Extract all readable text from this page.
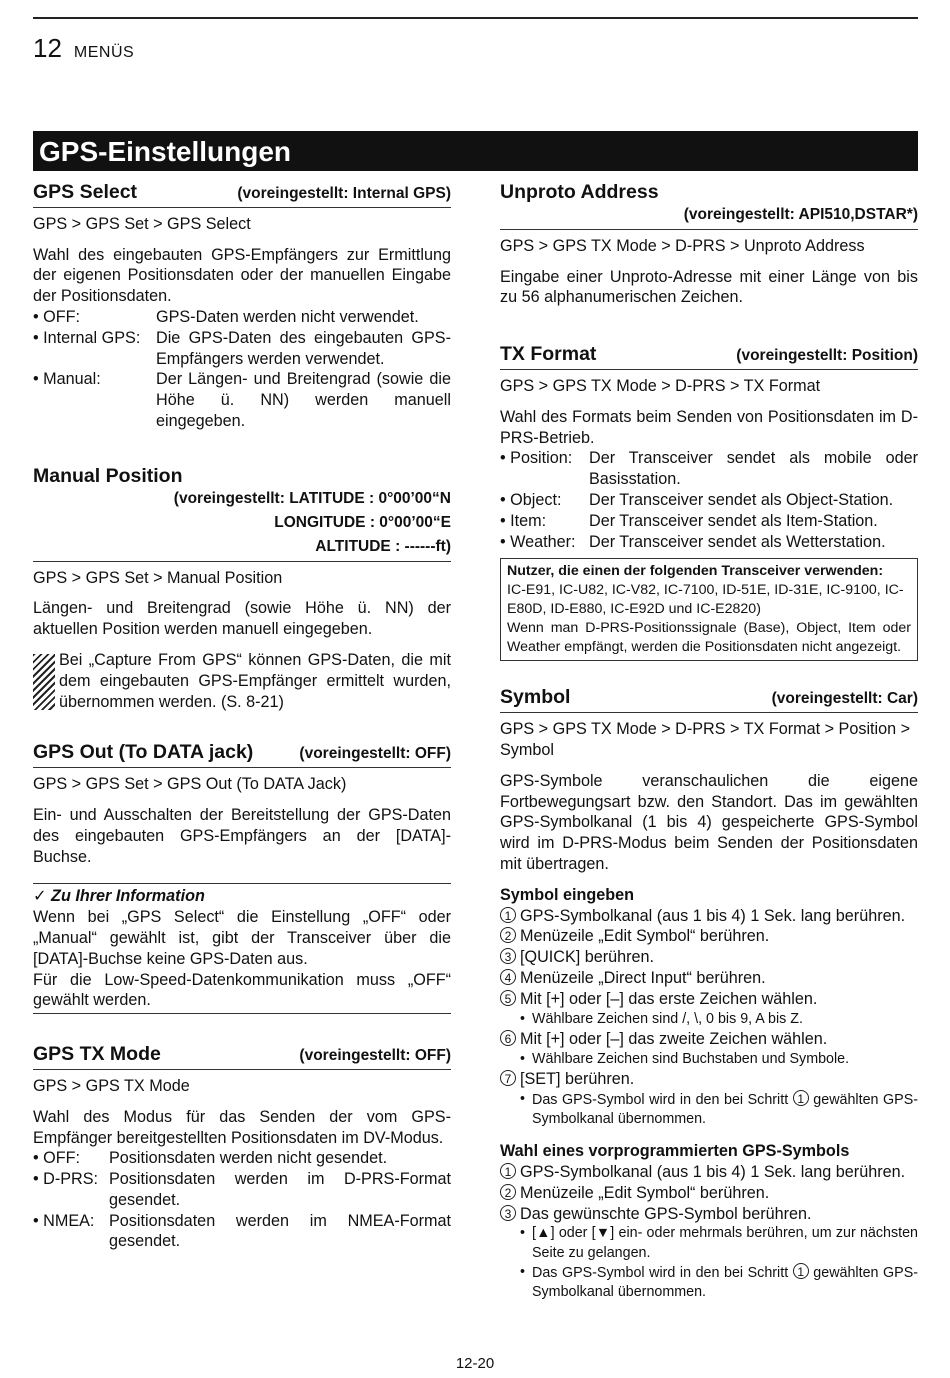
12 MENÜS
GPS-Einstellungen
GPS Select	(voreingestellt: Internal GPS)
GPS > GPS Set > GPS Select

Wahl des eingebauten GPS-Empfängers zur Ermittlung der eigenen Positionsdaten oder der manuellen Eingabe der Positionsdaten.

• OFF:	GPS-Daten werden nicht verwendet.
• Internal GPS: Die GPS-Daten des eingebauten GPS-Empfängers werden verwendet.
• Manual:	Der Längen- und Breitengrad (sowie die Höhe ü. NN) werden manuell eingegeben.
Manual Position
(voreingestellt: LATITUDE : 0°00’00“N
LONGITUDE : 0°00’00“E
ALTITUDE : ------ft)
GPS > GPS Set > Manual Position

Längen- und Breitengrad (sowie Höhe ü. NN) der aktuellen Position werden manuell eingegeben.

Bei „Capture From GPS“ können GPS-Daten, die mit dem eingebauten GPS-Empfänger ermittelt wurden, übernommen werden. (S. 8-21)
GPS Out (To DATA jack)	(voreingestellt: OFF)
GPS > GPS Set > GPS Out (To DATA Jack)

Ein- und Ausschalten der Bereitstellung der GPS-Daten des eingebauten GPS-Empfängers an der [DATA]-Buchse.

✓ Zu Ihrer Information
Wenn bei „GPS Select“ die Einstellung „OFF“ oder „Manual“ gewählt ist, gibt der Transceiver über die [DATA]-Buchse keine GPS-Daten aus.
Für die Low-Speed-Datenkommunikation muss „OFF“ gewählt werden.
GPS TX Mode	(voreingestellt: OFF)
GPS > GPS TX Mode

Wahl des Modus für das Senden der vom GPS-Empfänger bereitgestellten Positionsdaten im DV-Modus.

• OFF:	Positionsdaten werden nicht gesendet.
• D-PRS: Positionsdaten werden im D-PRS-Format gesendet.
• NMEA: Positionsdaten werden im NMEA-Format gesendet.
Unproto Address
(voreingestellt: API510,DSTAR*)
GPS > GPS TX Mode > D-PRS > Unproto Address

Eingabe einer Unproto-Adresse mit einer Länge von bis zu 56 alphanumerischen Zeichen.

TX Format	(voreingestellt: Position)
GPS > GPS TX Mode > D-PRS > TX Format

Wahl des Formats beim Senden von Positionsdaten im D-PRS-Betrieb.

• Position:	Der Transceiver sendet als mobile oder Basisstation.
• Object:	Der Transceiver sendet als Object-Station.
• Item:	Der Transceiver sendet als Item-Station.
• Weather: Der Transceiver sendet als Wetterstation.
Nutzer, die einen der folgenden Transceiver verwenden:
IC-E91, IC-U82, IC-V82, IC-7100, ID-51E, ID-31E, IC-9100, IC-E80D, ID-E880, IC-E92D und IC-E2820)
Wenn man D-PRS-Positionssignale (Base), Object, Item oder Weather empfängt, werden die Positionsdaten nicht angezeigt.
Symbol	(voreingestellt: Car)
GPS > GPS TX Mode > D-PRS > TX Format > Position > Symbol

GPS-Symbole veranschaulichen die eigene Fortbewegungsart bzw. den Standort. Das im gewählten GPS-Symbolkanal (1 bis 4) gespeicherte GPS-Symbol wird im D-PRS-Modus beim Senden der Positionsdaten mit übertragen.

Symbol eingeben
1 GPS-Symbolkanal (aus 1 bis 4) 1 Sek. lang berühren.
2 Menüzeile „Edit Symbol“ berühren.
3 [QUICK] berühren.
4 Menüzeile „Direct Input“ berühren.
5 Mit [+] oder [–] das erste Zeichen wählen.
• Wählbare Zeichen sind /, \, 0 bis 9, A bis Z.
6 Mit [+] oder [–] das zweite Zeichen wählen.
• Wählbare Zeichen sind Buchstaben und Symbole.
7 [SET] berühren.
• Das GPS-Symbol wird in den bei Schritt 1 gewählten GPS-Symbolkanal übernommen.
Wahl eines vorprogrammierten GPS-Symbols
1 GPS-Symbolkanal (aus 1 bis 4) 1 Sek. lang berühren.
2 Menüzeile „Edit Symbol“ berühren.
3 Das gewünschte GPS-Symbol berühren.
• [▲] oder [▼] ein- oder mehrmals berühren, um zur nächsten Seite zu gelangen.
• Das GPS-Symbol wird in den bei Schritt 1 gewählten GPS-Symbolkanal übernommen.
12-20
